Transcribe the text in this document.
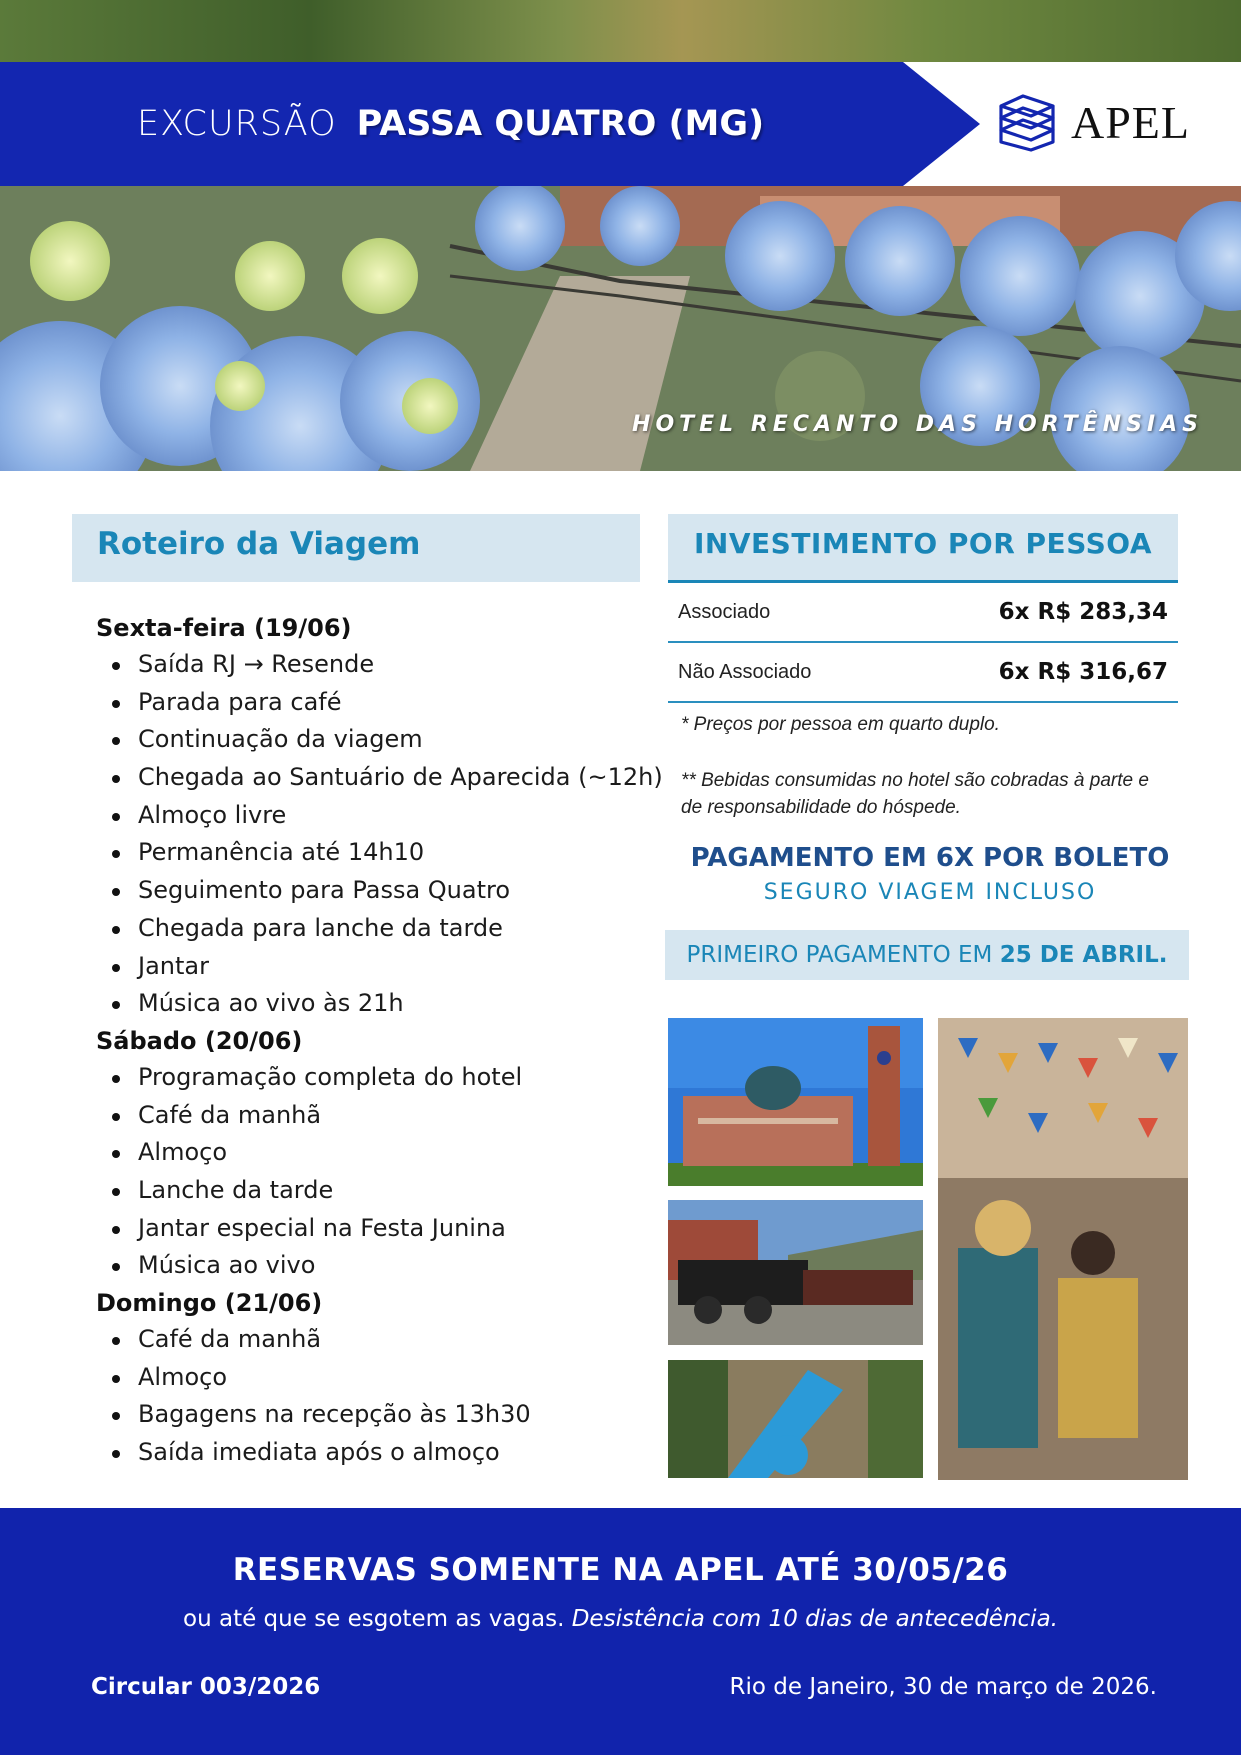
EXCURSÃO PASSA QUATRO (MG)	APEL
HOTEL RECANTO DAS HORTÊNSIAS
Roteiro da Viagem
Sexta-feira (19/06)
Saída RJ → Resende
Parada para café
Continuação da viagem
Chegada ao Santuário de Aparecida (~12h)
Almoço livre
Permanência até 14h10
Seguimento para Passa Quatro
Chegada para lanche da tarde
Jantar
Música ao vivo às 21h
Sábado (20/06)
Programação completa do hotel
Café da manhã
Almoço
Lanche da tarde
Jantar especial na Festa Junina
Música ao vivo
Domingo (21/06)
Café da manhã
Almoço
Bagagens na recepção às 13h30
Saída imediata após o almoço
INVESTIMENTO POR PESSOA
Associado	6x R$ 283,34
Não Associado	6x R$ 316,67
* Preços por pessoa em quarto duplo.
** Bebidas consumidas no hotel são cobradas à parte e de responsabilidade do hóspede.
PAGAMENTO EM 6X POR BOLETO
SEGURO VIAGEM INCLUSO
PRIMEIRO PAGAMENTO EM 25 DE ABRIL.
RESERVAS SOMENTE NA APEL ATÉ 30/05/26
ou até que se esgotem as vagas. Desistência com 10 dias de antecedência.
Circular 003/2026	Rio de Janeiro, 30 de março de 2026.
